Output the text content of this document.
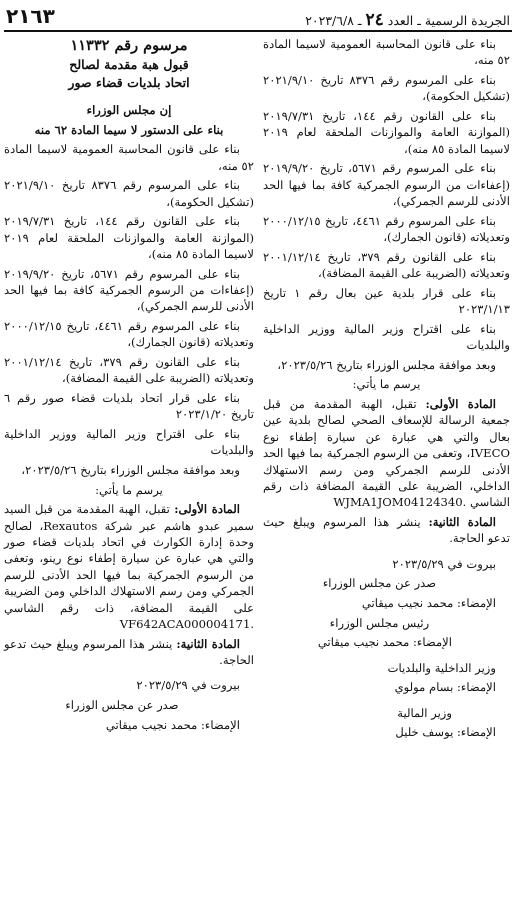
٢١٦٣	الجريدة الرسمية ـ العدد ٢٤ ـ ٢٠٢٣/٦/٨

بناء على قانون المحاسبة العمومية لاسيما المادة ٥٢ منه،

بناء على المرسوم رقم ٨٣٧٦ تاريخ ٢٠٢١/٩/١٠ (تشكيل الحكومة)،

بناء على القانون رقم ١٤٤، تاريخ ٢٠١٩/٧/٣١ (الموازنة العامة والموازنات الملحقة لعام ٢٠١٩ لاسيما المادة ٨٥ منه)،

بناء على المرسوم رقم ٥٦٧١، تاريخ ٢٠١٩/٩/٢٠ (إعفاءات من الرسوم الجمركية كافة بما فيها الحد الأدنى للرسم الجمركي)،

بناء على المرسوم رقم ٤٤٦١، تاريخ ٢٠٠٠/١٢/١٥ وتعديلاته (قانون الجمارك)،

بناء على القانون رقم ٣٧٩، تاريخ ٢٠٠١/١٢/١٤ وتعديلاته (الضريبة على القيمة المضافة)،

بناء على قرار بلدية عين بعال رقم ١ تاريخ ٢٠٢٣/١/١٣

بناء على اقتراح وزير المالية ووزير الداخلية والبلديات

وبعد موافقة مجلس الوزراء بتاريخ ٢٠٢٣/٥/٢٦،

يرسم ما يأتي:

المادة الأولى: تقبل، الهبة المقدمة من قبل جمعية الرسالة للإسعاف الصحي لصالح بلدية عين بعال والتي هي عبارة عن سيارة إطفاء نوع IVECO، وتعفى من الرسوم الجمركية بما فيها الحد الأدنى للرسم الجمركي ومن رسم الاستهلاك الداخلي، الضريبة على القيمة المضافة ذات رقم الشاسي WJMA1JOM04124340.

المادة الثانية: ينشر هذا المرسوم ويبلغ حيث تدعو الحاجة.

بيروت في ٢٠٢٣/٥/٢٩

صدر عن مجلس الوزراء

الإمضاء: محمد نجيب ميقاتي

رئيس مجلس الوزراء

الإمضاء: محمد نجيب ميقاتي

وزير الداخلية والبلديات

الإمضاء: بسام مولوي

وزير المالية

الإمضاء: يوسف خليل

مرسوم رقم ١١٣٣٢

قبول هبة مقدمة لصالح

اتحاد بلديات قضاء صور

إن مجلس الوزراء

بناء على الدستور لا سيما المادة ٦٢ منه

بناء على قانون المحاسبة العمومية لاسيما المادة ٥٢ منه،

بناء على المرسوم رقم ٨٣٧٦ تاريخ ٢٠٢١/٩/١٠ (تشكيل الحكومة)،

بناء على القانون رقم ١٤٤، تاريخ ٢٠١٩/٧/٣١ (الموازنة العامة والموازنات الملحقة لعام ٢٠١٩ لاسيما المادة ٨٥ منه)،

بناء على المرسوم رقم ٥٦٧١، تاريخ ٢٠١٩/٩/٢٠ (إعفاءات من الرسوم الجمركية كافة بما فيها الحد الأدنى للرسم الجمركي)،

بناء على المرسوم رقم ٤٤٦١، تاريخ ٢٠٠٠/١٢/١٥ وتعديلاته (قانون الجمارك)،

بناء على القانون رقم ٣٧٩، تاريخ ٢٠٠١/١٢/١٤ وتعديلاته (الضريبة على القيمة المضافة)،

بناء على قرار اتحاد بلديات قضاء صور رقم ٦ تاريخ ٢٠٢٣/١/٢٠

بناء على اقتراح وزير المالية ووزير الداخلية والبلديات

وبعد موافقة مجلس الوزراء بتاريخ ٢٠٢٣/٥/٢٦،

يرسم ما يأتي:

المادة الأولى: تقبل، الهبة المقدمة من قبل السيد سمير عبدو هاشم عبر شركة Rexautos، لصالح وحدة إدارة الكوارث في اتحاد بلديات قضاء صور والتي هي عبارة عن سيارة إطفاء نوع رينو، وتعفى من الرسوم الجمركية بما فيها الحد الأدنى للرسم الجمركي ومن رسم الاستهلاك الداخلي ومن الضريبة على القيمة المضافة، ذات رقم الشاسي VF642ACA000004171.

المادة الثانية: ينشر هذا المرسوم ويبلغ حيث تدعو الحاجة.

بيروت في ٢٠٢٣/٥/٢٩

صدر عن مجلس الوزراء

الإمضاء: محمد نجيب ميقاتي
